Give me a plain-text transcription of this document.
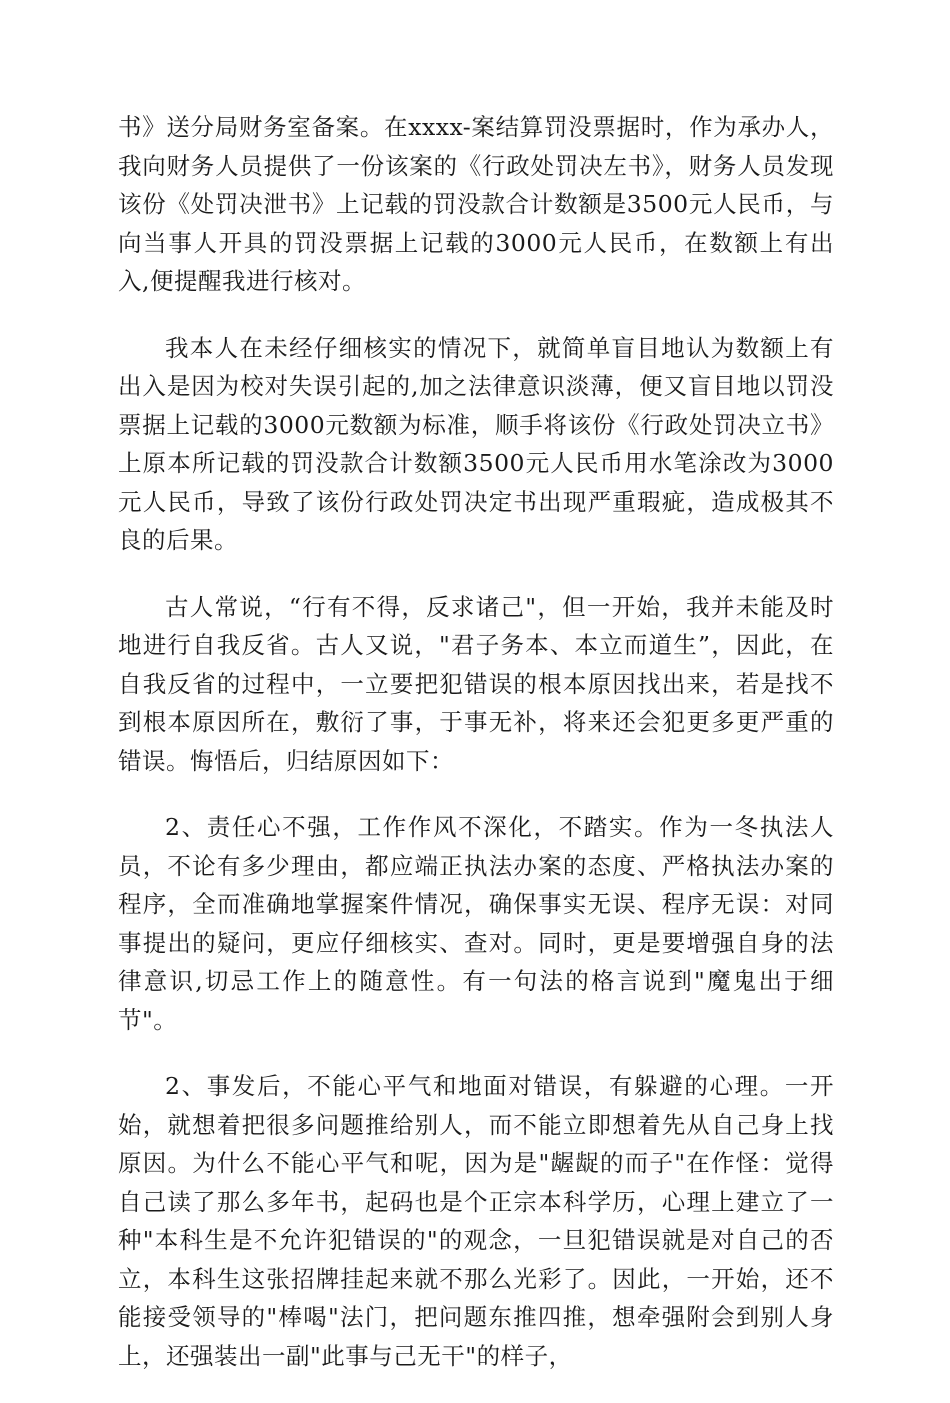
书》送分局财务室备案。在xxxx-案结算罚没票据时，作为承办人，我向财务人员提供了一份该案的《行政处罚决左书》，财务人员发现该份《处罚决泄书》上记载的罚没款合计数额是3500元人民币，与向当事人开具的罚没票据上记载的3000元人民币，在数额上有出入,便提醒我进行核对。

我本人在未经仔细核实的情况下，就简单盲目地认为数额上有出入是因为校对失误引起的,加之法律意识淡薄，便又盲目地以罚没票据上记载的3000元数额为标准，顺手将该份《行政处罚决立书》上原本所记载的罚没款合计数额3500元人民币用水笔涂改为3000元人民币，导致了该份行政处罚决定书出现严重瑕疵，造成极其不良的后果。

古人常说，“行有不得，反求诸己"，但一开始，我并未能及时地进行自我反省。古人又说，"君子务本、本立而道生”，因此，在自我反省的过程中，一立要把犯错误的根本原因找出来，若是找不到根本原因所在，敷衍了事，于事无补，将来还会犯更多更严重的错误。悔悟后，归结原因如下：

2、责任心不强，工作作风不深化，不踏实。作为一冬执法人员，不论有多少理由，都应端正执法办案的态度、严格执法办案的程序，全而准确地掌握案件情况，确保事实无误、程序无误：对同事提出的疑问，更应仔细核实、查对。同时，更是要增强自身的法律意识,切忌工作上的随意性。有一句法的格言说到"魔鬼出于细节"。

2、事发后，不能心平气和地面对错误，有躲避的心理。一开始，就想着把很多问题推给别人，而不能立即想着先从自己身上找原因。为什么不能心平气和呢，因为是"龌龊的而子"在作怪：觉得自己读了那么多年书，起码也是个正宗本科学历，心理上建立了一种"本科生是不允许犯错误的"的观念，一旦犯错误就是对自己的否立，本科生这张招牌挂起来就不那么光彩了。因此，一开始，还不能接受领导的"棒喝"法门，把问题东推四推，想牵强附会到别人身上，还强装出一副"此事与己无干"的样子，
